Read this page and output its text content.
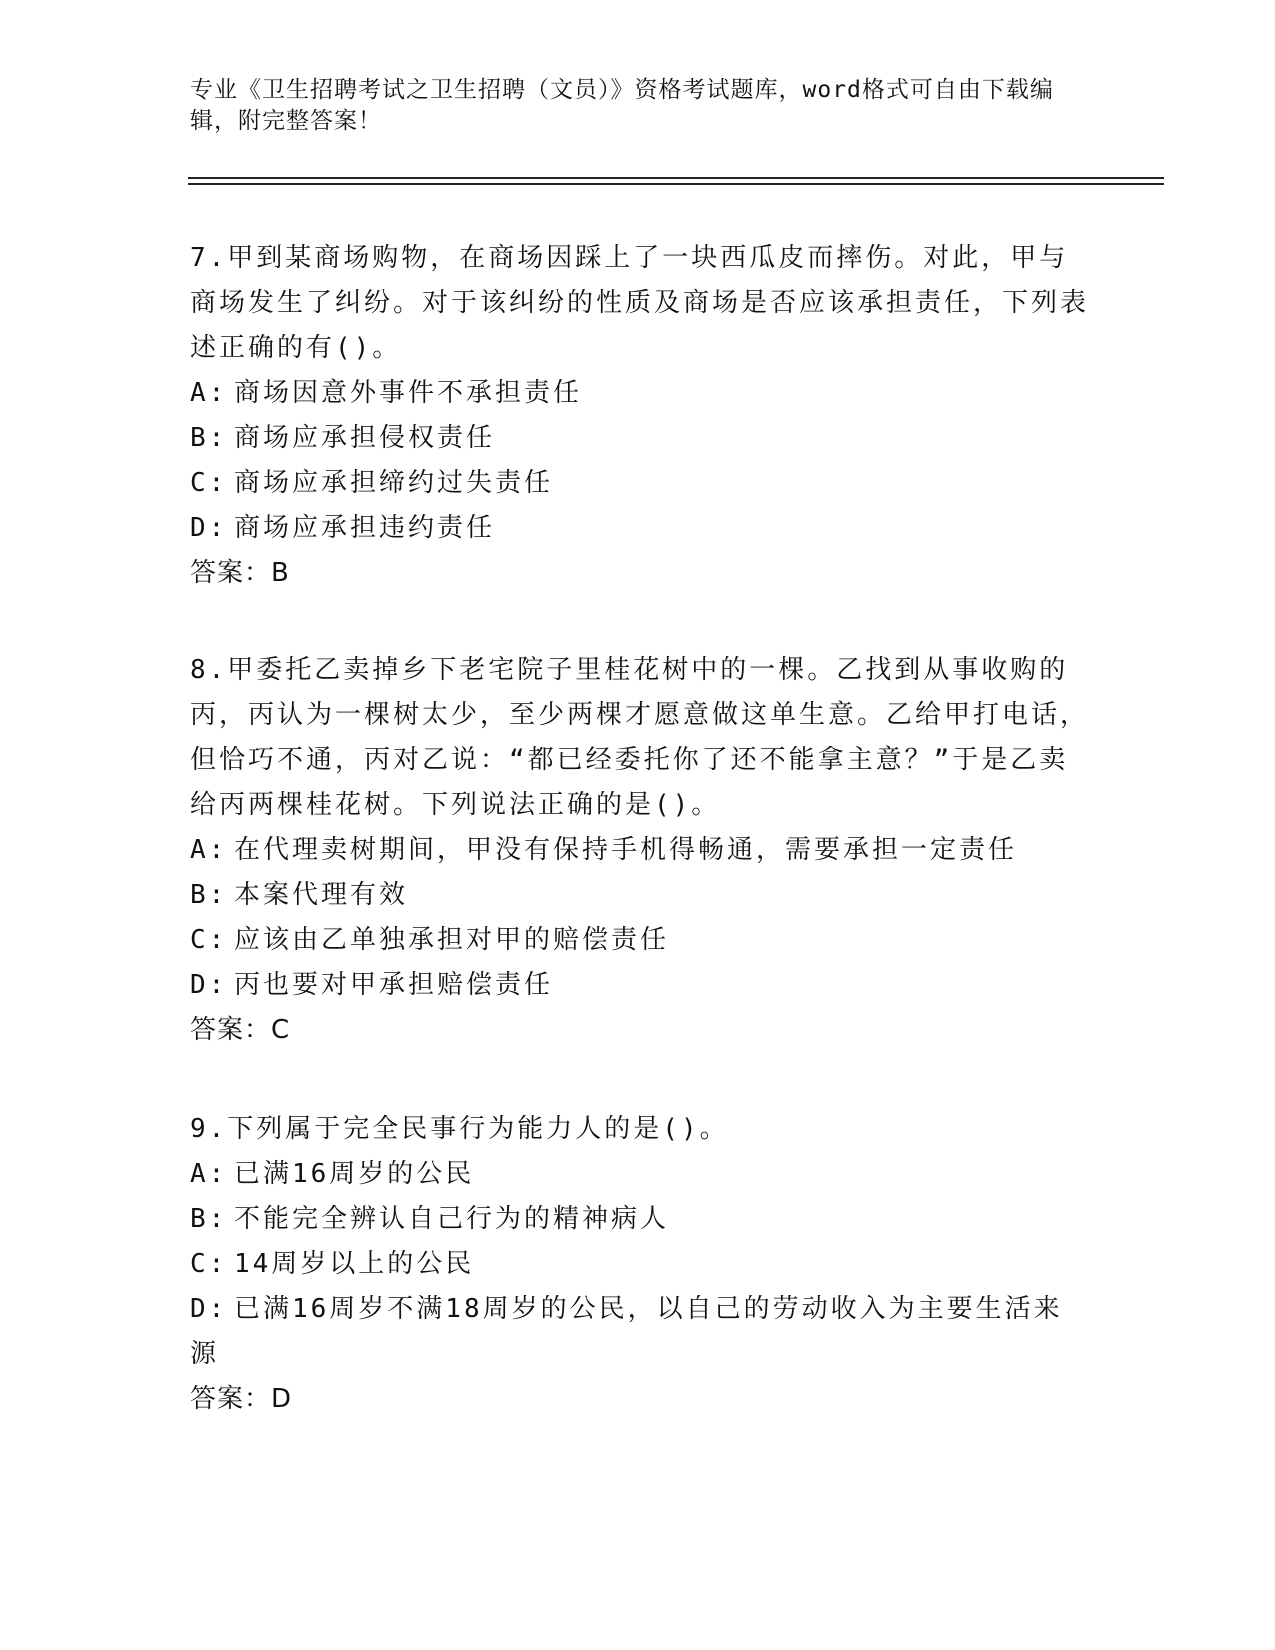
专业《卫生招聘考试之卫生招聘（文员）》资格考试题库，word格式可自由下载编辑，附完整答案！

7.甲到某商场购物，在商场因踩上了一块西瓜皮而摔伤。对此，甲与商场发生了纠纷。对于该纠纷的性质及商场是否应该承担责任，下列表述正确的有()。

A: 商场因意外事件不承担责任

B: 商场应承担侵权责任

C: 商场应承担缔约过失责任

D: 商场应承担违约责任

答案：B

8.甲委托乙卖掉乡下老宅院子里桂花树中的一棵。乙找到从事收购的丙，丙认为一棵树太少，至少两棵才愿意做这单生意。乙给甲打电话，但恰巧不通，丙对乙说：“都已经委托你了还不能拿主意？”于是乙卖给丙两棵桂花树。下列说法正确的是()。

A: 在代理卖树期间，甲没有保持手机得畅通，需要承担一定责任

B: 本案代理有效

C: 应该由乙单独承担对甲的赔偿责任

D: 丙也要对甲承担赔偿责任

答案：C

9.下列属于完全民事行为能力人的是()。

A: 已满16周岁的公民

B: 不能完全辨认自己行为的精神病人

C: 14周岁以上的公民

D: 已满16周岁不满18周岁的公民，以自己的劳动收入为主要生活来源

答案：D
